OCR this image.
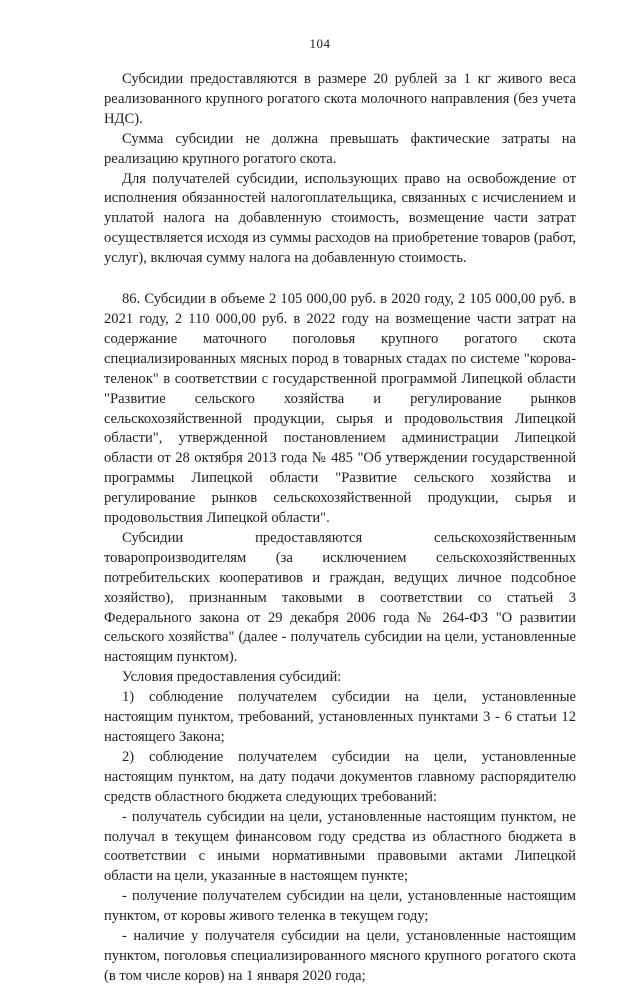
104

Субсидии предоставляются в размере 20 рублей за 1 кг живого веса реализованного крупного рогатого скота молочного направления (без учета НДС).

Сумма субсидии не должна превышать фактические затраты на реализацию крупного рогатого скота.

Для получателей субсидии, использующих право на освобождение от исполнения обязанностей налогоплательщика, связанных с исчислением и уплатой налога на добавленную стоимость, возмещение части затрат осуществляется исходя из суммы расходов на приобретение товаров (работ, услуг), включая сумму налога на добавленную стоимость.

86. Субсидии в объеме 2 105 000,00 руб. в 2020 году, 2 105 000,00 руб. в 2021 году, 2 110 000,00 руб. в 2022 году на возмещение части затрат на содержание маточного поголовья крупного рогатого скота специализированных мясных пород в товарных стадах по системе "корова-теленок" в соответствии с государственной программой Липецкой области "Развитие сельского хозяйства и регулирование рынков сельскохозяйственной продукции, сырья и продовольствия Липецкой области", утвержденной постановлением администрации Липецкой области от 28 октября 2013 года № 485 "Об утверждении государственной программы Липецкой области "Развитие сельского хозяйства и регулирование рынков сельскохозяйственной продукции, сырья и продовольствия Липецкой области".

Субсидии предоставляются сельскохозяйственным товаропроизводителям (за исключением сельскохозяйственных потребительских кооперативов и граждан, ведущих личное подсобное хозяйство), признанным таковыми в соответствии со статьей 3 Федерального закона от 29 декабря 2006 года № 264-ФЗ "О развитии сельского хозяйства" (далее - получатель субсидии на цели, установленные настоящим пунктом).

Условия предоставления субсидий:

1) соблюдение получателем субсидии на цели, установленные настоящим пунктом, требований, установленных пунктами 3 - 6 статьи 12 настоящего Закона;

2) соблюдение получателем субсидии на цели, установленные настоящим пунктом, на дату подачи документов главному распорядителю средств областного бюджета следующих требований:

- получатель субсидии на цели, установленные настоящим пунктом, не получал в текущем финансовом году средства из областного бюджета в соответствии с иными нормативными правовыми актами Липецкой области на цели, указанные в настоящем пункте;

- получение получателем субсидии на цели, установленные настоящим пунктом, от коровы живого теленка в текущем году;

- наличие у получателя субсидии на цели, установленные настоящим пунктом, поголовья специализированного мясного крупного рогатого скота (в том числе коров) на 1 января 2020 года;
